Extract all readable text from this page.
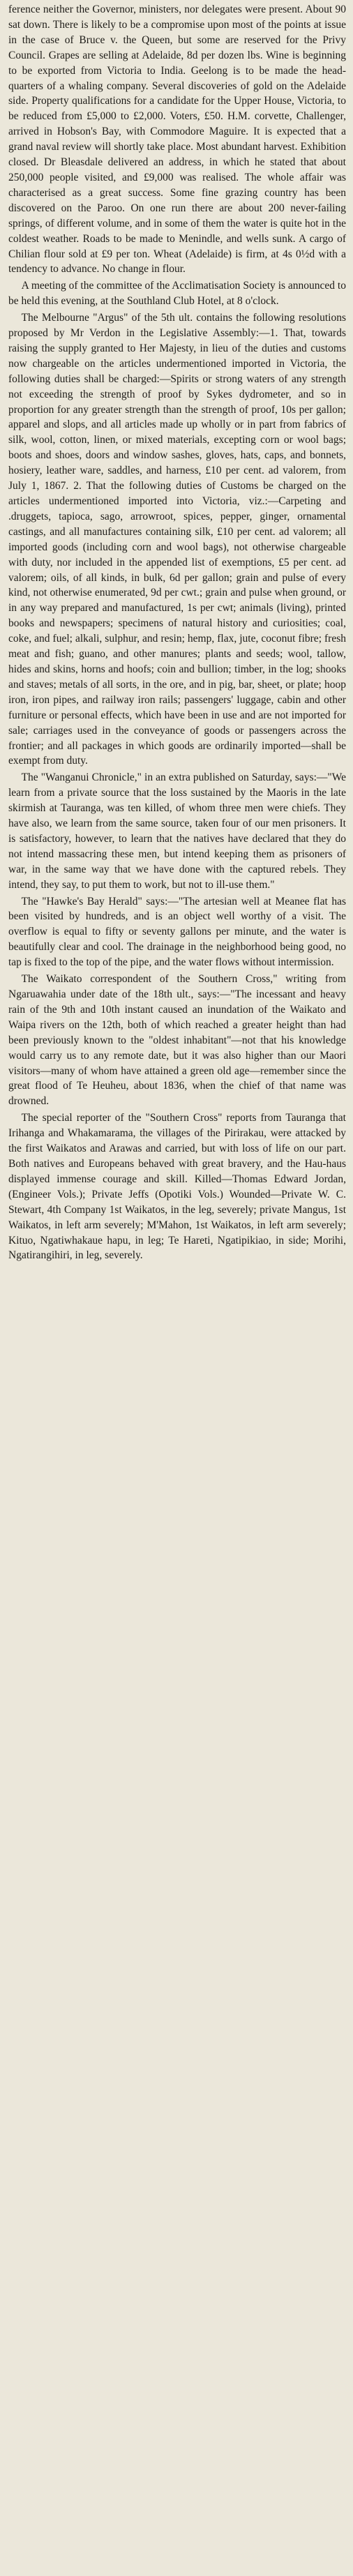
ference neither the Governor, ministers, nor delegates were present. About 90 sat down. There is likely to be a compromise upon most of the points at issue in the case of Bruce v. the Queen, but some are reserved for the Privy Council. Grapes are selling at Adelaide, 8d per dozen lbs. Wine is beginning to be exported from Victoria to India. Geelong is to be made the head-quarters of a whaling company. Several discoveries of gold on the Adelaide side. Property qualifications for a candidate for the Upper House, Victoria, to be reduced from £5,000 to £2,000. Voters, £50. H.M. corvette, Challenger, arrived in Hobson's Bay, with Commodore Maguire. It is expected that a grand naval review will shortly take place. Most abundant harvest. Exhibition closed. Dr Bleasdale delivered an address, in which he stated that about 250,000 people visited, and £9,000 was realised. The whole affair was characterised as a great success. Some fine grazing country has been discovered on the Paroo. On one run there are about 200 never-failing springs, of different volume, and in some of them the water is quite hot in the coldest weather. Roads to be made to Menindle, and wells sunk. A cargo of Chilian flour sold at £9 per ton. Wheat (Adelaide) is firm, at 4s 0½d with a tendency to advance. No change in flour.

A meeting of the committee of the Acclimatisation Society is announced to be held this evening, at the Southland Club Hotel, at 8 o'clock.

The Melbourne "Argus" of the 5th ult. contains the following resolutions proposed by Mr Verdon in the Legislative Assembly:—1. That, towards raising the supply granted to Her Majesty, in lieu of the duties and customs now chargeable on the articles undermentioned imported in Victoria, the following duties shall be charged:—Spirits or strong waters of any strength not exceeding the strength of proof by Sykes dydrometer, and so in proportion for any greater strength than the strength of proof, 10s per gallon; apparel and slops, and all articles made up wholly or in part from fabrics of silk, wool, cotton, linen, or mixed materials, excepting corn or wool bags; boots and shoes, doors and window sashes, gloves, hats, caps, and bonnets, hosiery, leather ware, saddles, and harness, £10 per cent. ad valorem, from July 1, 1867. 2. That the following duties of Customs be charged on the articles undermentioned imported into Victoria, viz.:—Carpeting and .druggets, tapioca, sago, arrowroot, spices, pepper, ginger, ornamental castings, and all manufactures containing silk, £10 per cent. ad valorem; all imported goods (including corn and wool bags), not otherwise chargeable with duty, nor included in the appended list of exemptions, £5 per cent. ad valorem; oils, of all kinds, in bulk, 6d per gallon; grain and pulse of every kind, not otherwise enumerated, 9d per cwt.; grain and pulse when ground, or in any way prepared and manufactured, 1s per cwt; animals (living), printed books and newspapers; specimens of natural history and curiosities; coal, coke, and fuel; alkali, sulphur, and resin; hemp, flax, jute, coconut fibre; fresh meat and fish; guano, and other manures; plants and seeds; wool, tallow, hides and skins, horns and hoofs; coin and bullion; timber, in the log; shooks and staves; metals of all sorts, in the ore, and in pig, bar, sheet, or plate; hoop iron, iron pipes, and railway iron rails; passengers' luggage, cabin and other furniture or personal effects, which have been in use and are not imported for sale; carriages used in the conveyance of goods or passengers across the frontier; and all packages in which goods are ordinarily imported—shall be exempt from duty.

The "Wanganui Chronicle," in an extra published on Saturday, says:—"We learn from a private source that the loss sustained by the Maoris in the late skirmish at Tauranga, was ten killed, of whom three men were chiefs. They have also, we learn from the same source, taken four of our men prisoners. It is satisfactory, however, to learn that the natives have declared that they do not intend massacring these men, but intend keeping them as prisoners of war, in the same way that we have done with the captured rebels. They intend, they say, to put them to work, but not to ill-use them."

The "Hawke's Bay Herald" says:—"The artesian well at Meanee flat has been visited by hundreds, and is an object well worthy of a visit. The overflow is equal to fifty or seventy gallons per minute, and the water is beautifully clear and cool. The drainage in the neighborhood being good, no tap is fixed to the top of the pipe, and the water flows without intermission.

The Waikato correspondent of the Southern Cross," writing from Ngaruawahia under date of the 18th ult., says:—"The incessant and heavy rain of the 9th and 10th instant caused an inundation of the Waikato and Waipa rivers on the 12th, both of which reached a greater height than had been previously known to the "oldest inhabitant"—not that his knowledge would carry us to any remote date, but it was also higher than our Maori visitors—many of whom have attained a green old age—remember since the great flood of Te Heuheu, about 1836, when the chief of that name was drowned.

The special reporter of the "Southern Cross" reports from Tauranga that Irihanga and Whakamarama, the villages of the Pirirakau, were attacked by the first Waikatos and Arawas and carried, but with loss of life on our part. Both natives and Europeans behaved with great bravery, and the Hau-haus displayed immense courage and skill. Killed—Thomas Edward Jordan, (Engineer Vols.); Private Jeffs (Opotiki Vols.) Wounded—Private W. C. Stewart, 4th Company 1st Waikatos, in the leg, severely; private Mangus, 1st Waikatos, in left arm severely; M'Mahon, 1st Waikatos, in left arm severely; Kituo, Ngatiwhakaue hapu, in leg; Te Hareti, Ngatipikiao, in side; Morihi, Ngatirangihiri, in leg, severely.
